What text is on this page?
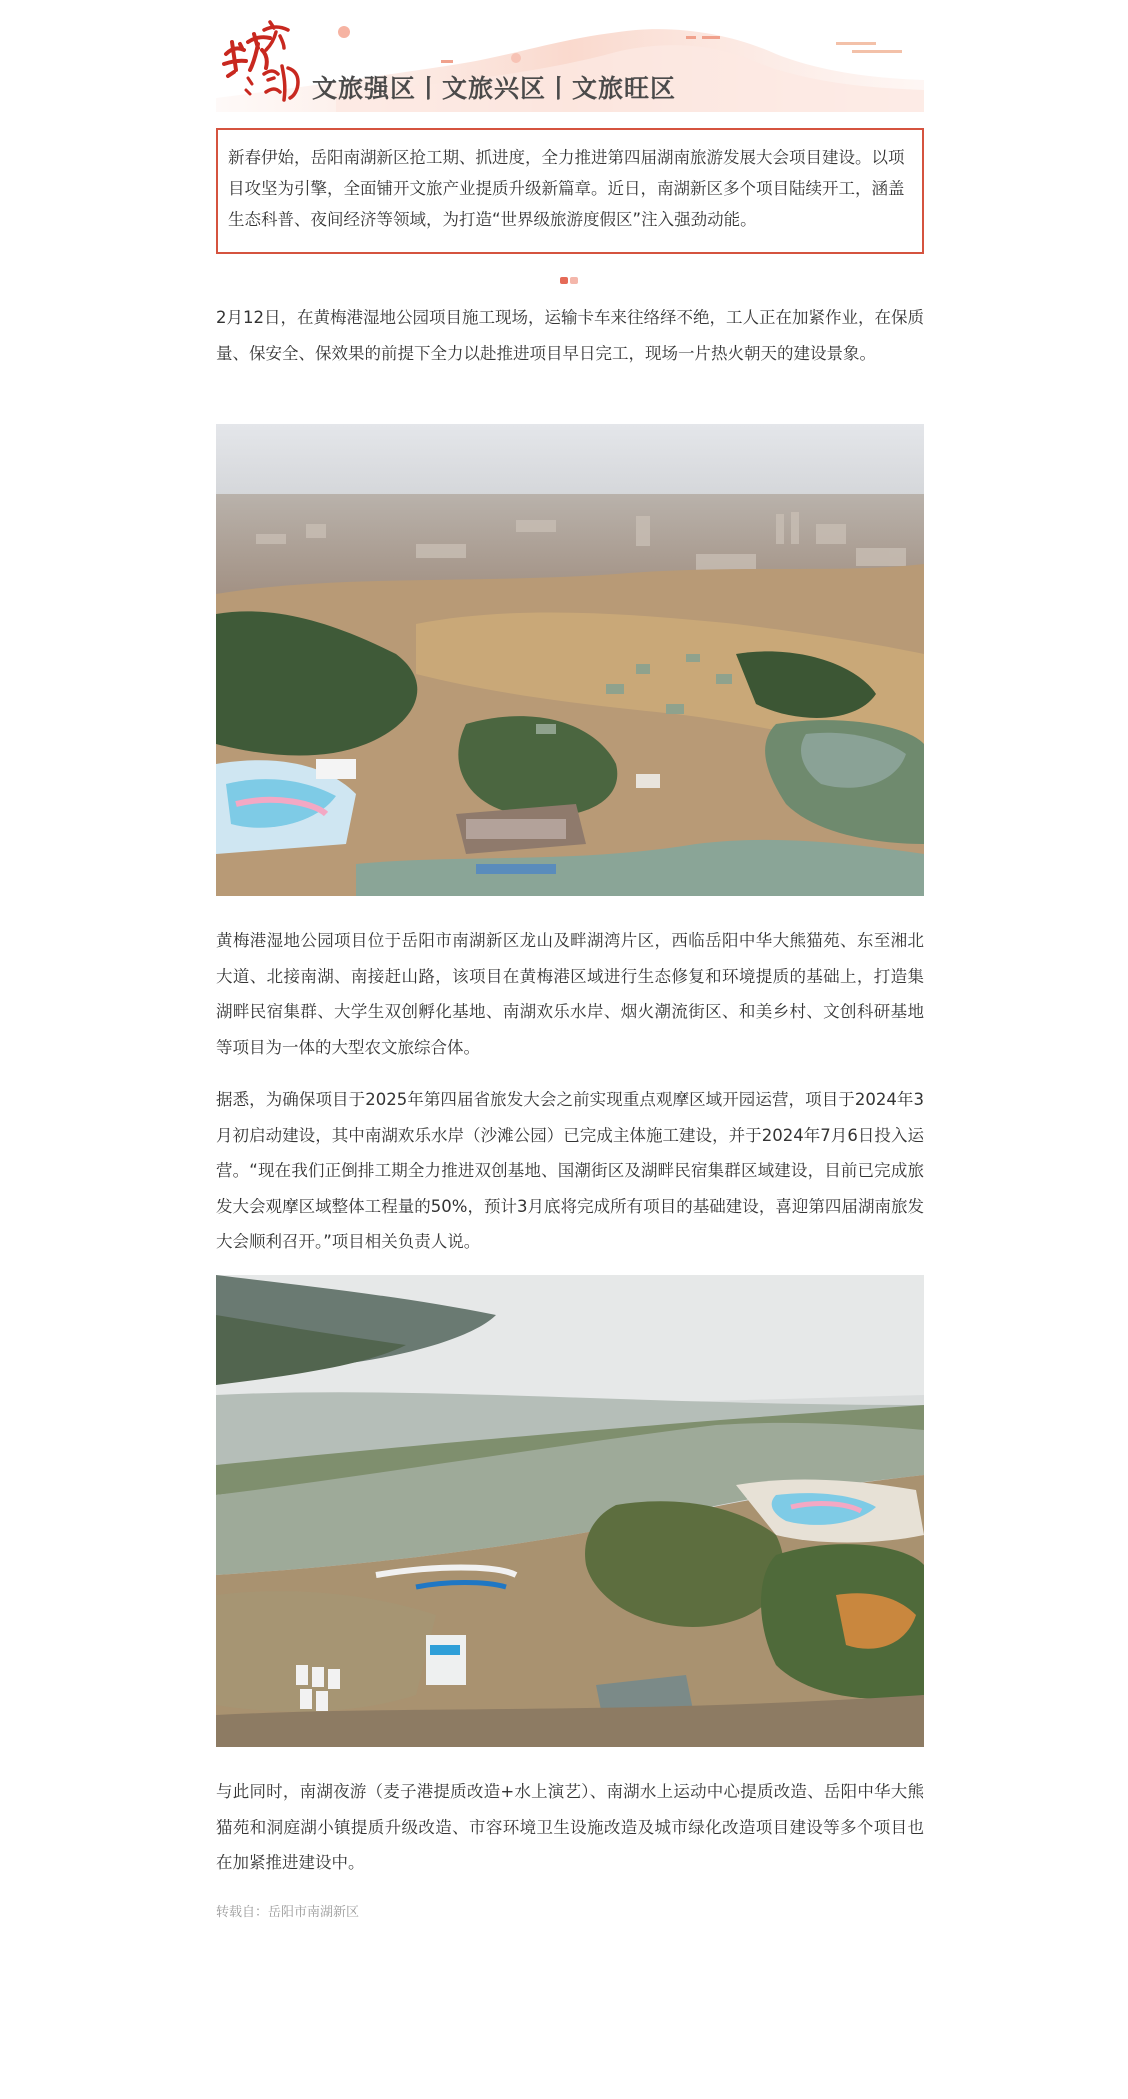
文旅强区丨文旅兴区丨文旅旺区
新春伊始，岳阳南湖新区抢工期、抓进度，全力推进第四届湖南旅游发展大会项目建设。以项目攻坚为引擎，全面铺开文旅产业提质升级新篇章。近日，南湖新区多个项目陆续开工，涵盖生态科普、夜间经济等领域，为打造“世界级旅游度假区”注入强劲动能。

2月12日，在黄梅港湿地公园项目施工现场，运输卡车来往络绎不绝，工人正在加紧作业，在保质量、保安全、保效果的前提下全力以赴推进项目早日完工，现场一片热火朝天的建设景象。

黄梅港湿地公园项目位于岳阳市南湖新区龙山及畔湖湾片区，西临岳阳中华大熊猫苑、东至湘北大道、北接南湖、南接赶山路，该项目在黄梅港区域进行生态修复和环境提质的基础上，打造集湖畔民宿集群、大学生双创孵化基地、南湖欢乐水岸、烟火潮流街区、和美乡村、文创科研基地等项目为一体的大型农文旅综合体。

据悉，为确保项目于2025年第四届省旅发大会之前实现重点观摩区域开园运营，项目于2024年3月初启动建设，其中南湖欢乐水岸（沙滩公园）已完成主体施工建设，并于2024年7月6日投入运营。“现在我们正倒排工期全力推进双创基地、国潮街区及湖畔民宿集群区域建设，目前已完成旅发大会观摩区域整体工程量的50%，预计3月底将完成所有项目的基础建设，喜迎第四届湖南旅发大会顺利召开。”项目相关负责人说。

与此同时，南湖夜游（麦子港提质改造+水上演艺）、南湖水上运动中心提质改造、岳阳中华大熊猫苑和洞庭湖小镇提质升级改造、市容环境卫生设施改造及城市绿化改造项目建设等多个项目也在加紧推进建设中。

转载自：岳阳市南湖新区
